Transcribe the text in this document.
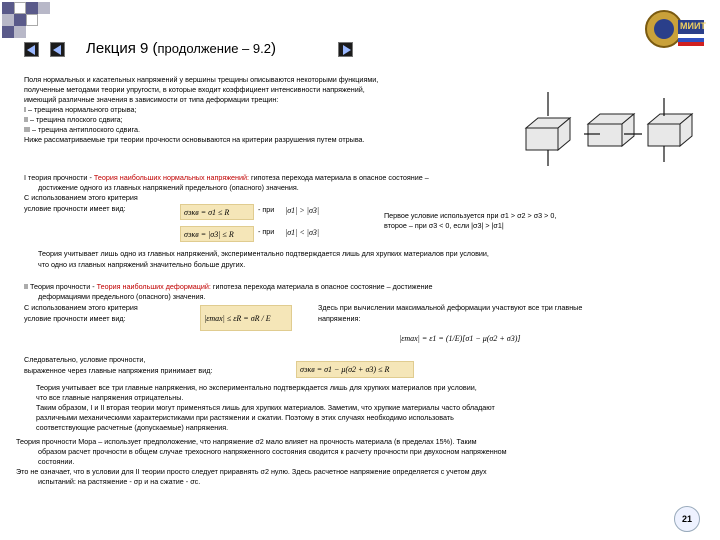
Лекция 9 (продолжение – 9.2)
МИИТ
Поля нормальных и касательных напряжений у вершины трещины описываются некоторыми функциями,
полученные методами теории упругости, в которые входит коэффициент интенсивности напряжений,
имеющий различные значения в зависимости от типа деформации трещин:
I – трещина нормального отрыва;
II – трещина плоского сдвига;
III – трещина антиплоского сдвига.
Ниже рассматриваемые три теории прочности основываются на критерии разрушения путем отрыва.
I теория прочности - Теория наибольших нормальных напряжений: гипотеза перехода материала в опасное состояние –
достижение одного из главных напряжений предельного (опасного) значения.
С использованием этого критерия
условие прочности имеет вид:	σэкв = σ1 ≤ R	- при	|σ1| > |σ3|
σэкв = |σ3| ≤ R	- при	|σ1| < |σ3|
Первое условие используется при σ1 > σ2 > σ3 > 0,
второе – при σ3 < 0, если |σ3| > |σ1|
Теория учитывает лишь одно из главных напряжений, экспериментально подтверждается лишь для хрупких материалов при условии,
что одно из главных напряжений значительно больше других.
II Теория прочности - Теория наибольших деформаций: гипотеза перехода материала в опасное состояние – достижение
деформациями предельного (опасного) значения.
С использованием этого критерия
условие прочности имеет вид:	|εmax| ≤ εR = σR / E
Здесь при вычислении максимальной деформации участвуют все три главные
напряжения:
|εmax| = ε1 = (1/E)[σ1 − μ(σ2 + σ3)]
Следовательно, условие прочности,
выраженное через главные напряжения принимает вид:	σэкв = σ1 − μ(σ2 + σ3) ≤ R
Теория учитывает все три главные напряжения, но экспериментально подтверждается лишь для хрупких материалов при условии,
что все главные напряжения отрицательны.
Таким образом, I и II вторая теории могут применяться лишь для хрупких материалов. Заметим, что хрупкие материалы часто обладают
различными механическими характеристиками при растяжении и сжатии. Поэтому в этих случаях необходимо использовать
соответствующие расчетные (допускаемые) напряжения.
Теория прочности Мора – использует предположение, что напряжение σ2 мало влияет на прочность материала (в пределах 15%). Таким
образом расчет прочности в общем случае трехосного напряженного состояния сводится к расчету прочности при двухосном напряженном
состоянии.
Это не означает, что в условии для II теории просто следует приравнять σ2 нулю. Здесь расчетное напряжение определяется с учетом двух
испытаний: на растяжение - σр и на сжатие - σс.
21
